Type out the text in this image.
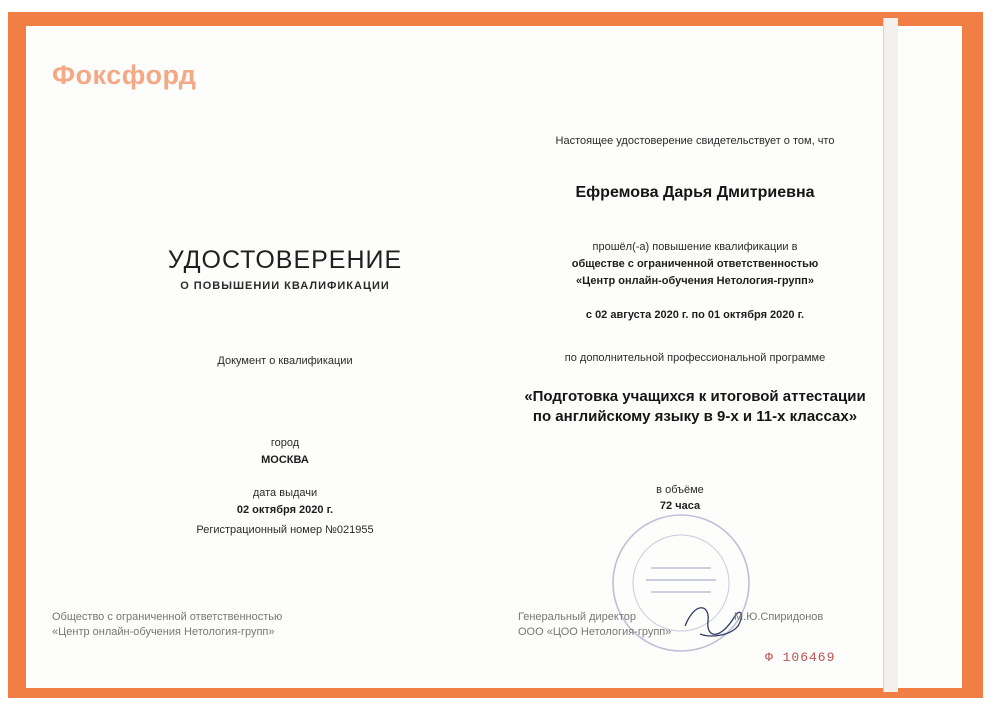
Фоксфорд
УДОСТОВЕРЕНИЕ
О ПОВЫШЕНИИ КВАЛИФИКАЦИИ
Документ о квалификации
город
МОСКВА
дата выдачи
02 октября 2020 г.
Регистрационный номер №021955
Настоящее удостоверение свидетельствует о том, что
Ефремова Дарья Дмитриевна
прошёл(-а) повышение квалификации в
обществе с ограниченной ответственностью
«Центр онлайн-обучения Нетология-групп»
с 02 августа 2020 г. по 01 октября 2020 г.
по дополнительной профессиональной программе
«Подготовка учащихся к итоговой аттестации
по английскому языку в 9-х и 11-х классах»
в объёме
72 часа
Общество с ограниченной ответственностью
«Центр онлайн-обучения Нетология-групп»
Генеральный директор
ООО «ЦОО Нетология-групп»
М.Ю.Спиридонов
Ф 106469
